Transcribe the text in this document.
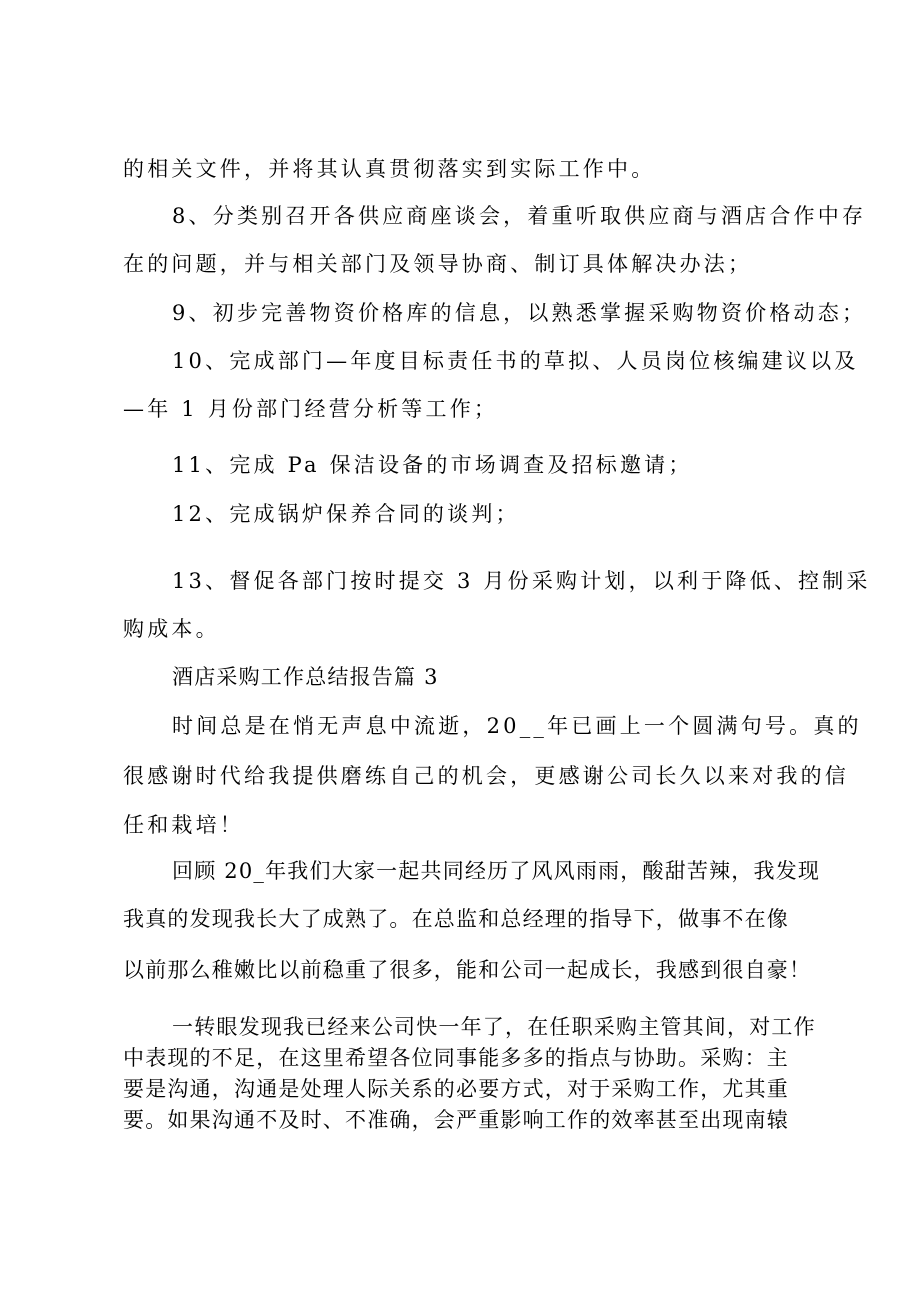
的相关文件，并将其认真贯彻落实到实际工作中。
8、分类别召开各供应商座谈会，着重听取供应商与酒店合作中存
在的问题，并与相关部门及领导协商、制订具体解决办法；
9、初步完善物资价格库的信息，以熟悉掌握采购物资价格动态；
10、完成部门—年度目标责任书的草拟、人员岗位核编建议以及
—年 1 月份部门经营分析等工作；
11、完成 Pa 保洁设备的市场调查及招标邀请；
12、完成锅炉保养合同的谈判；
13、督促各部门按时提交 3 月份采购计划，以利于降低、控制采
购成本。
酒店采购工作总结报告篇 3
时间总是在悄无声息中流逝，20__年已画上一个圆满句号。真的
很感谢时代给我提供磨练自己的机会，更感谢公司长久以来对我的信
任和栽培！
回顾 20_年我们大家一起共同经历了风风雨雨，酸甜苦辣，我发现
我真的发现我长大了成熟了。在总监和总经理的指导下，做事不在像
以前那么稚嫩比以前稳重了很多，能和公司一起成长，我感到很自豪！
一转眼发现我已经来公司快一年了，在任职采购主管其间，对工作
中表现的不足，在这里希望各位同事能多多的指点与协助。采购：主
要是沟通，沟通是处理人际关系的必要方式，对于采购工作，尤其重
要。如果沟通不及时、不准确，会严重影响工作的效率甚至出现南辕
